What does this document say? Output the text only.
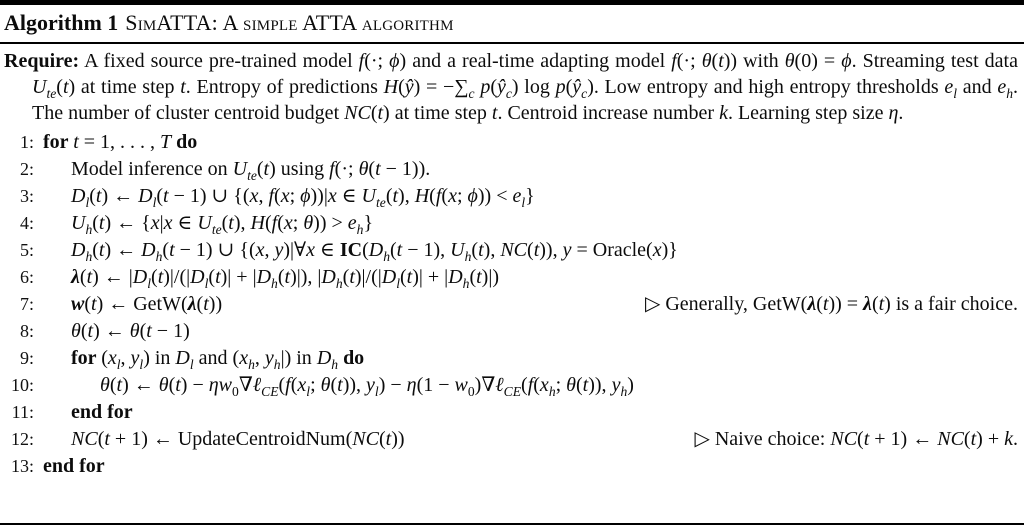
Algorithm 1 SimATTA: A simple ATTA algorithm
Require: A fixed source pre-trained model f(·; ϕ) and a real-time adapting model f(·; θ(t)) with θ(0) = ϕ. Streaming test data $U_{te}(t)$ at time step t. Entropy of predictions H(ŷ) = $-\sum_c$ $p(ŷ_c)$ $\log p(ŷ_c)$. Low entropy and high entropy thresholds $e_l$ and $e_h$. The number of cluster centroid budget NC(t) at time step t. Centroid increase number k. Learning step size η.
1: for t = 1, . . . , T do
2:	Model inference on $U_{te}(t)$ using f(·; θ(t − 1)).
3:	$D_l(t)$ ← $D_l(t - 1)$ ∪ {(x, f(x; ϕ))|x ∈ $U_{te}(t)$, H(f(x; $\phi)) < e_l$}
4:	$U_h(t)$ ← {x|x ∈ $U_{te}(t)$, H(f(x; $\theta)) > e_h$}
5:	$D_h(t)$ ← $D_h(t - 1)$ ∪ {(x, y)|∀x ∈ $IC(D_h(t - 1)$, $U_h(t)$, NC(t)), y = Oracle(x)}
6:	λ(t) ← $|D_l(t)|/(|D_l(t)| + |D_h(t)|)$, $|D_h(t)|/(|D_l(t)| + |D_h(t)|)$
7:	w(t) ← GetW(λ(t))	▷ Generally, GetW(λ(t)) = λ(t) is a fair choice.
8:	θ(t) ← θ(t − 1)
9:	for ($x_l$, $y_l$) in $D_l$ and ($x_h$, $y_h|$) in $D_h$ do
10:	θ(t) ← $\theta(t) - \eta w_0\nabla\ell_{CE}(f(x_l$; θ(t)), $y_l) - \eta(1$ − $w_0)\nabla\ell_{CE}(f(x_h$; θ(t)), $y_h$)
11:	end for
12:	NC(t + 1) ← UpdateCentroidNum(NC(t))	▷ Naive choice: NC(t + 1) ← NC(t) + k.
13: end for
